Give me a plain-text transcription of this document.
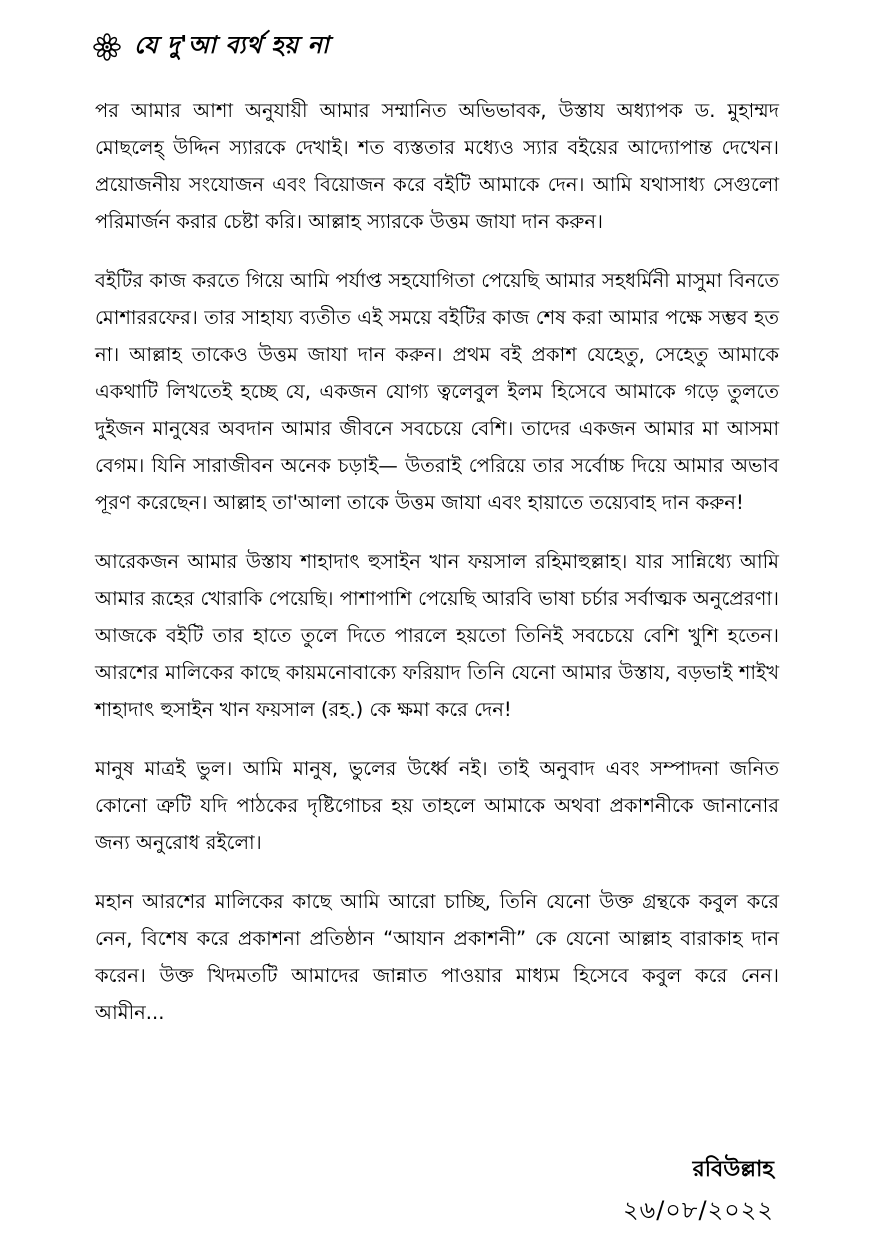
যে দু'আ ব্যর্থ হয় না

পর আমার আশা অনুযায়ী আমার সম্মানিত অভিভাবক, উস্তায অধ্যাপক ড. মুহাম্মদ মোছলেহ্ উদ্দিন স্যারকে দেখাই। শত ব্যস্ততার মধ্যেও স্যার বইয়ের আদ্যোপান্ত দেখেন। প্রয়োজনীয় সংযোজন এবং বিয়োজন করে বইটি আমাকে দেন। আমি যথাসাধ্য সেগুলো পরিমার্জন করার চেষ্টা করি। আল্লাহ স্যারকে উত্তম জাযা দান করুন।

বইটির কাজ করতে গিয়ে আমি পর্যাপ্ত সহযোগিতা পেয়েছি আমার সহধর্মিনী মাসুমা বিনতে মোশাররফের। তার সাহায্য ব্যতীত এই সময়ে বইটির কাজ শেষ করা আমার পক্ষে সম্ভব হত না। আল্লাহ তাকেও উত্তম জাযা দান করুন। প্রথম বই প্রকাশ যেহেতু, সেহেতু আমাকে একথাটি লিখতেই হচ্ছে যে, একজন যোগ্য ত্বলেবুল ইলম হিসেবে আমাকে গড়ে তুলতে দুইজন মানুষের অবদান আমার জীবনে সবচেয়ে বেশি। তাদের একজন আমার মা আসমা বেগম। যিনি সারাজীবন অনেক চড়াই— উতরাই পেরিয়ে তার সর্বোচ্চ দিয়ে আমার অভাব পূরণ করেছেন। আল্লাহ তা'আলা তাকে উত্তম জাযা এবং হায়াতে তয়্যেবাহ দান করুন!

আরেকজন আমার উস্তায শাহাদাৎ হুসাইন খান ফয়সাল রহিমাহুল্লাহ। যার সান্নিধ্যে আমি আমার রূহের খোরাকি পেয়েছি। পাশাপাশি পেয়েছি আরবি ভাষা চর্চার সর্বাত্মক অনুপ্রেরণা। আজকে বইটি তার হাতে তুলে দিতে পারলে হয়তো তিনিই সবচেয়ে বেশি খুশি হতেন। আরশের মালিকের কাছে কায়মনোবাক্যে ফরিয়াদ তিনি যেনো আমার উস্তায, বড়ভাই শাইখ শাহাদাৎ হুসাইন খান ফয়সাল (রহ.) কে ক্ষমা করে দেন!

মানুষ মাত্রই ভুল। আমি মানুষ, ভুলের উর্ধ্বে নই। তাই অনুবাদ এবং সম্পাদনা জনিত কোনো ত্রুটি যদি পাঠকের দৃষ্টিগোচর হয় তাহলে আমাকে অথবা প্রকাশনীকে জানানোর জন্য অনুরোধ রইলো।

মহান আরশের মালিকের কাছে আমি আরো চাচ্ছি, তিনি যেনো উক্ত গ্রন্থকে কবুল করে নেন, বিশেষ করে প্রকাশনা প্রতিষ্ঠান “আযান প্রকাশনী” কে যেনো আল্লাহ বারাকাহ দান করেন। উক্ত খিদমতটি আমাদের জান্নাত পাওয়ার মাধ্যম হিসেবে কবুল করে নেন। আমীন...

রবিউল্লাহ
২৬/০৮/২০২২
